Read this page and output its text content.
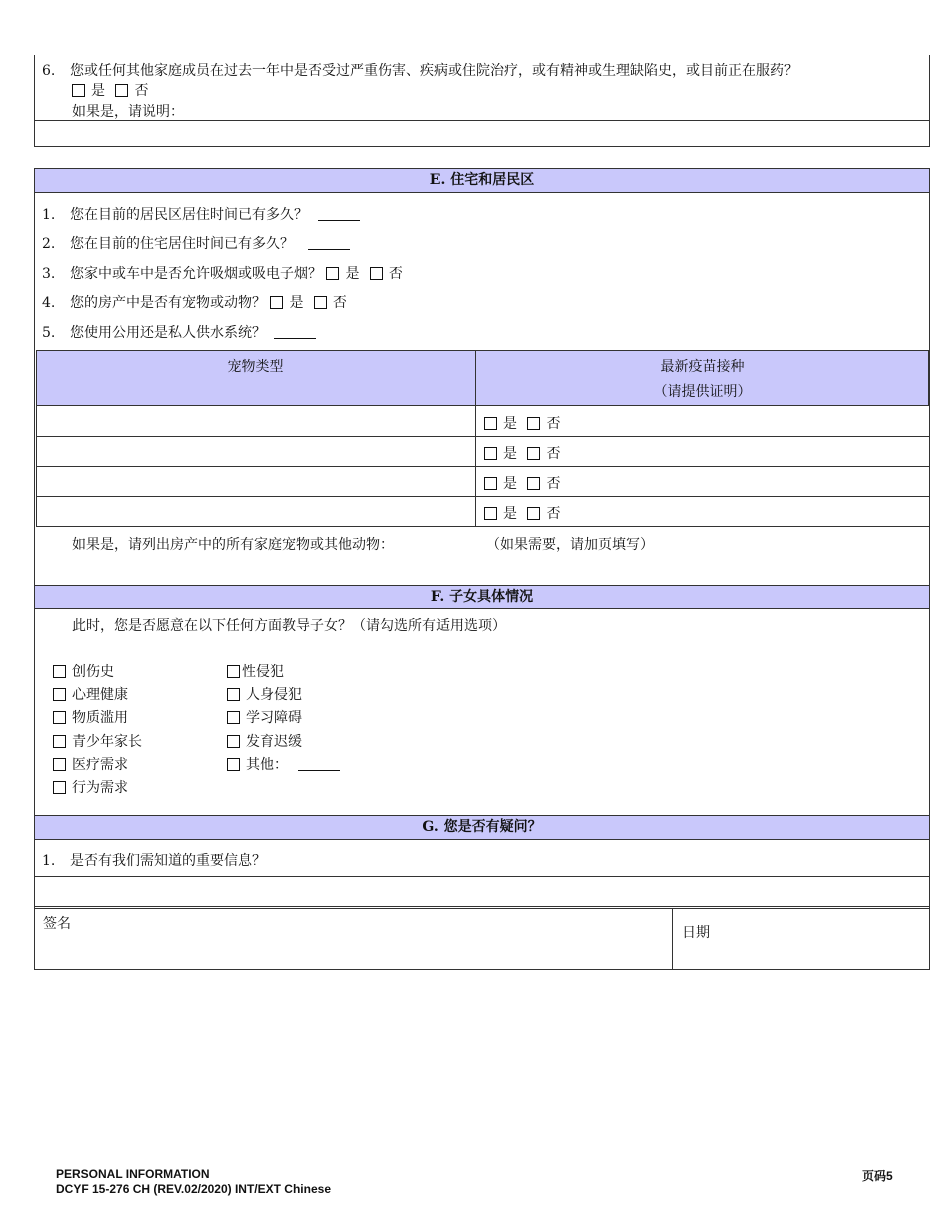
6. 您或任何其他家庭成员在过去一年中是否受过严重伤害、疾病或住院治疗，或有精神或生理缺陷史，或目前正在服药？
是 否
如果是，请说明：
E. 住宅和居民区
1. 您在目前的居民区居住时间已有多久？
2. 您在目前的住宅居住时间已有多久？
3. 您家中或车中是否允许吸烟或吸电子烟？ 是 否
4. 您的房产中是否有宠物或动物？ 是 否
5. 您使用公用还是私人供水系统？
宠物类型	最新疫苗接种
（请提供证明）
是 否
是 否
是 否
是 否
如果是，请列出房产中的所有家庭宠物或其他动物：	（如果需要，请加页填写）
F. 子女具体情况
此时，您是否愿意在以下任何方面教导子女？（请勾选所有适用选项）
创伤史
心理健康
物质滥用
青少年家长
医疗需求
行为需求
性侵犯
人身侵犯
学习障碍
发育迟缓
其他：
G. 您是否有疑问？
1. 是否有我们需知道的重要信息？
签名
日期
PERSONAL INFORMATION
DCYF 15-276 CH (REV.02/2020) INT/EXT Chinese
页码5
